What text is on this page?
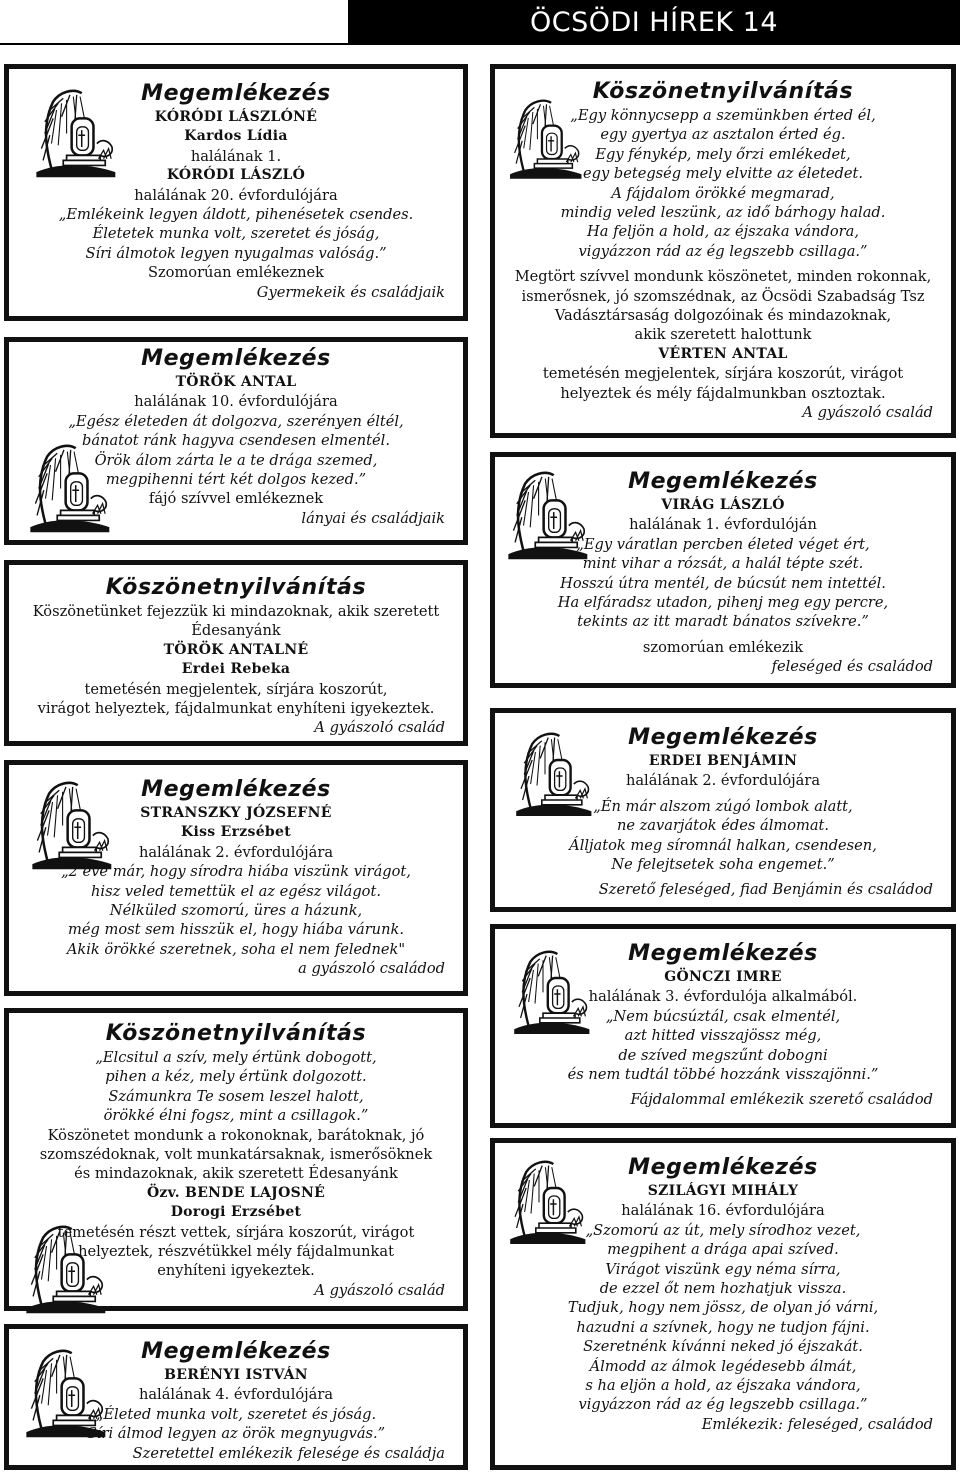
ÖCSÖDI HÍREK 14
Megemlékezés
KÓRÓDI LÁSZLÓNÉ
Kardos Lídia
halálának 1.
KÓRÓDI LÁSZLÓ
halálának 20. évfordulójára
„Emlékeink legyen áldott, pihenésetek csendes.
Életetek munka volt, szeretet és jóság,
Síri álmotok legyen nyugalmas valóság.”
Szomorúan emlékeznek
Gyermekeik és családjaik
Megemlékezés
TÖRÖK ANTAL
halálának 10. évfordulójára
„Egész életeden át dolgozva, szerényen éltél,
bánatot ránk hagyva csendesen elmentél.
Örök álom zárta le a te drága szemed,
megpihenni tért két dolgos kezed.”
fájó szívvel emlékeznek
lányai és családjaik
Köszönetnyilvánítás
Köszönetünket fejezzük ki mindazoknak, akik szeretett
Édesanyánk
TÖRÖK ANTALNÉ
Erdei Rebeka
temetésén megjelentek, sírjára koszorút,
virágot helyeztek, fájdalmunkat enyhíteni igyekeztek.
A gyászoló család
Megemlékezés
STRANSZKY JÓZSEFNÉ
Kiss Erzsébet
halálának 2. évfordulójára
„2 éve már, hogy sírodra hiába viszünk virágot,
hisz veled temettük el az egész világot.
Nélküled szomorú, üres a házunk,
még most sem hisszük el, hogy hiába várunk.
Akik örökké szeretnek, soha el nem felednek"
a gyászoló családod
Köszönetnyilvánítás
„Elcsitul a szív, mely értünk dobogott,
pihen a kéz, mely értünk dolgozott.
Számunkra Te sosem leszel halott,
örökké élni fogsz, mint a csillagok.”
Köszönetet mondunk a rokonoknak, barátoknak, jó
szomszédoknak, volt munkatársaknak, ismerősöknek
és mindazoknak, akik szeretett Édesanyánk
Özv. BENDE LAJOSNÉ
Dorogi Erzsébet
temetésén részt vettek, sírjára koszorút, virágot
helyeztek, részvétükkel mély fájdalmunkat
enyhíteni igyekeztek.
A gyászoló család
Megemlékezés
BERÉNYI ISTVÁN
halálának 4. évfordulójára
„Életed munka volt, szeretet és jóság.
Síri álmod legyen az örök megnyugvás.”
Szeretettel emlékezik felesége és családja
Köszönetnyilvánítás
„Egy könnycsepp a szemünkben érted él,
egy gyertya az asztalon érted ég.
Egy fénykép, mely őrzi emlékedet,
egy betegség mely elvitte az életedet.
A fájdalom örökké megmarad,
mindig veled leszünk, az idő bárhogy halad.
Ha feljön a hold, az éjszaka vándora,
vigyázzon rád az ég legszebb csillaga.”
Megtört szívvel mondunk köszönetet, minden rokonnak,
ismerősnek, jó szomszédnak, az Öcsödi Szabadság Tsz
Vadásztársaság dolgozóinak és mindazoknak,
akik szeretett halottunk
VÉRTEN ANTAL
temetésén megjelentek, sírjára koszorút, virágot
helyeztek és mély fájdalmunkban osztoztak.
A gyászoló család
Megemlékezés
VIRÁG LÁSZLÓ
halálának 1. évfordulóján
„Egy váratlan percben életed véget ért,
mint vihar a rózsát, a halál tépte szét.
Hosszú útra mentél, de búcsút nem intettél.
Ha elfáradsz utadon, pihenj meg egy percre,
tekints az itt maradt bánatos szívekre.”
szomorúan emlékezik
feleséged és családod
Megemlékezés
ERDEI BENJÁMIN
halálának 2. évfordulójára
„Én már alszom zúgó lombok alatt,
ne zavarjátok édes álmomat.
Álljatok meg síromnál halkan, csendesen,
Ne felejtsetek soha engemet.”
Szerető feleséged, fiad Benjámin és családod
Megemlékezés
GÖNCZI IMRE
halálának 3. évfordulója alkalmából.
„Nem búcsúztál, csak elmentél,
azt hitted visszajössz még,
de szíved megszűnt dobogni
és nem tudtál többé hozzánk visszajönni.”
Fájdalommal emlékezik szerető családod
Megemlékezés
SZILÁGYI MIHÁLY
halálának 16. évfordulójára
„Szomorú az út, mely sírodhoz vezet,
megpihent a drága apai szíved.
Virágot viszünk egy néma sírra,
de ezzel őt nem hozhatjuk vissza.
Tudjuk, hogy nem jössz, de olyan jó várni,
hazudni a szívnek, hogy ne tudjon fájni.
Szeretnénk kívánni neked jó éjszakát.
Álmodd az álmok legédesebb álmát,
s ha eljön a hold, az éjszaka vándora,
vigyázzon rád az ég legszebb csillaga.”
Emlékezik: feleséged, családod
